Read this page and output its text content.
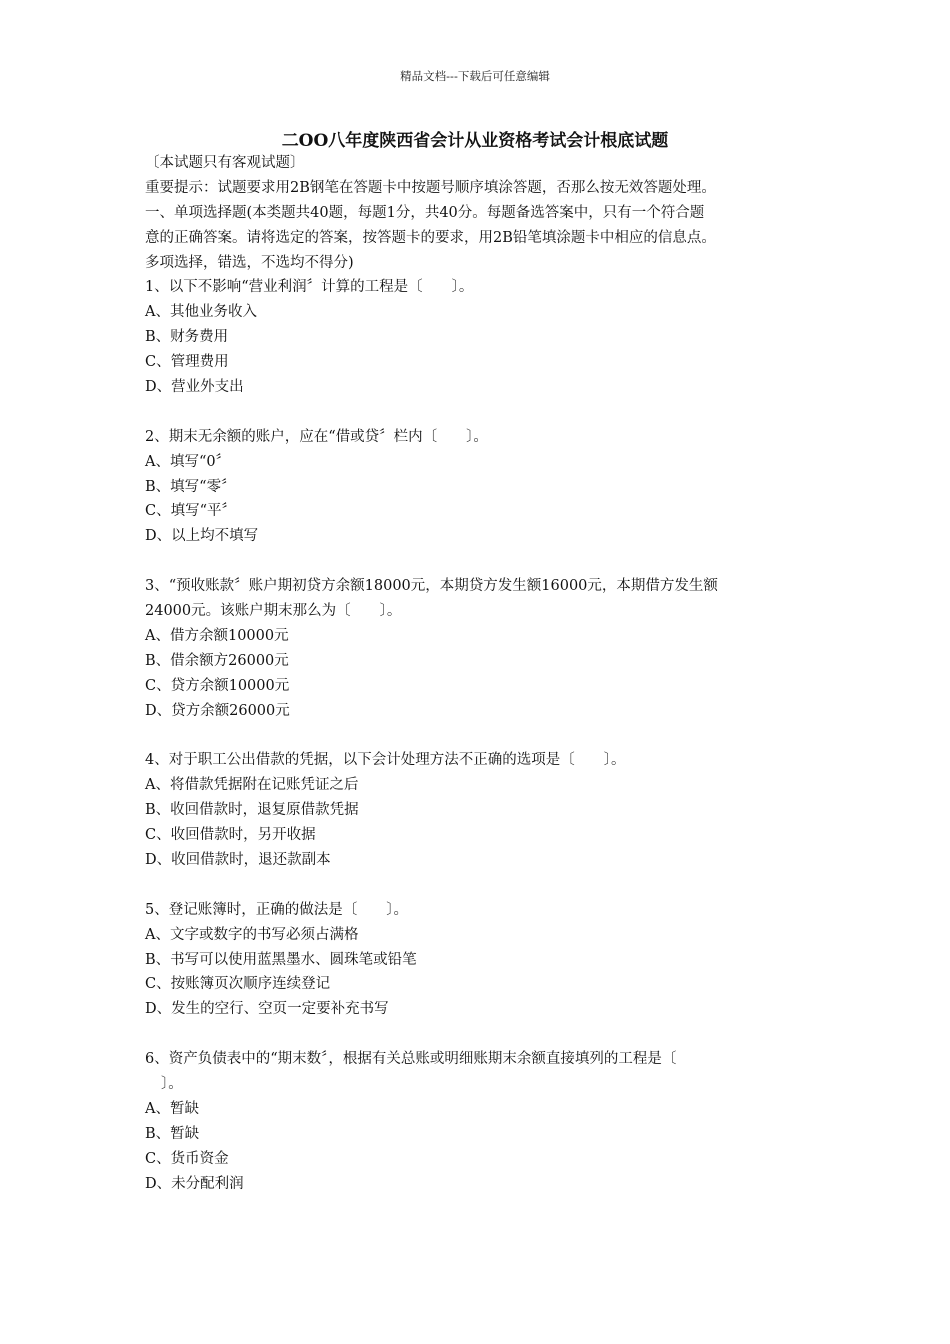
精品文档---下载后可任意编辑
二OO八年度陕西省会计从业资格考试会计根底试题
〔本试题只有客观试题〕
重要提示：试题要求用2B钢笔在答题卡中按题号顺序填涂答题，否那么按无效答题处理。
一、单项选择题(本类题共40题，每题1分，共40分。每题备选答案中，只有一个符合题
意的正确答案。请将选定的答案，按答题卡的要求，用2B铅笔填涂题卡中相应的信息点。
多项选择，错选，不选均不得分)
1、以下不影响“营业利润〞计算的工程是〔　　〕。
A、其他业务收入
B、财务费用
C、管理费用
D、营业外支出
2、期末无余额的账户，应在“借或贷〞栏内〔　　〕。
A、填写“0〞
B、填写“零〞
C、填写“平〞
D、以上均不填写
3、“预收账款〞账户期初贷方余额18000元，本期贷方发生额16000元，本期借方发生额
24000元。该账户期末那么为〔　　〕。
A、借方余额10000元
B、借余额方26000元
C、贷方余额10000元
D、贷方余额26000元
4、对于职工公出借款的凭据，以下会计处理方法不正确的选项是〔　　〕。
A、将借款凭据附在记账凭证之后
B、收回借款时，退复原借款凭据
C、收回借款时，另开收据
D、收回借款时，退还款副本
5、登记账簿时，正确的做法是〔　　〕。
A、文字或数字的书写必须占满格
B、书写可以使用蓝黑墨水、圆珠笔或铅笔
C、按账簿页次顺序连续登记
D、发生的空行、空页一定要补充书写
6、资产负债表中的“期末数〞，根据有关总账或明细账期末余额直接填列的工程是〔
〕。
A、暂缺
B、暂缺
C、货币资金
D、未分配利润
